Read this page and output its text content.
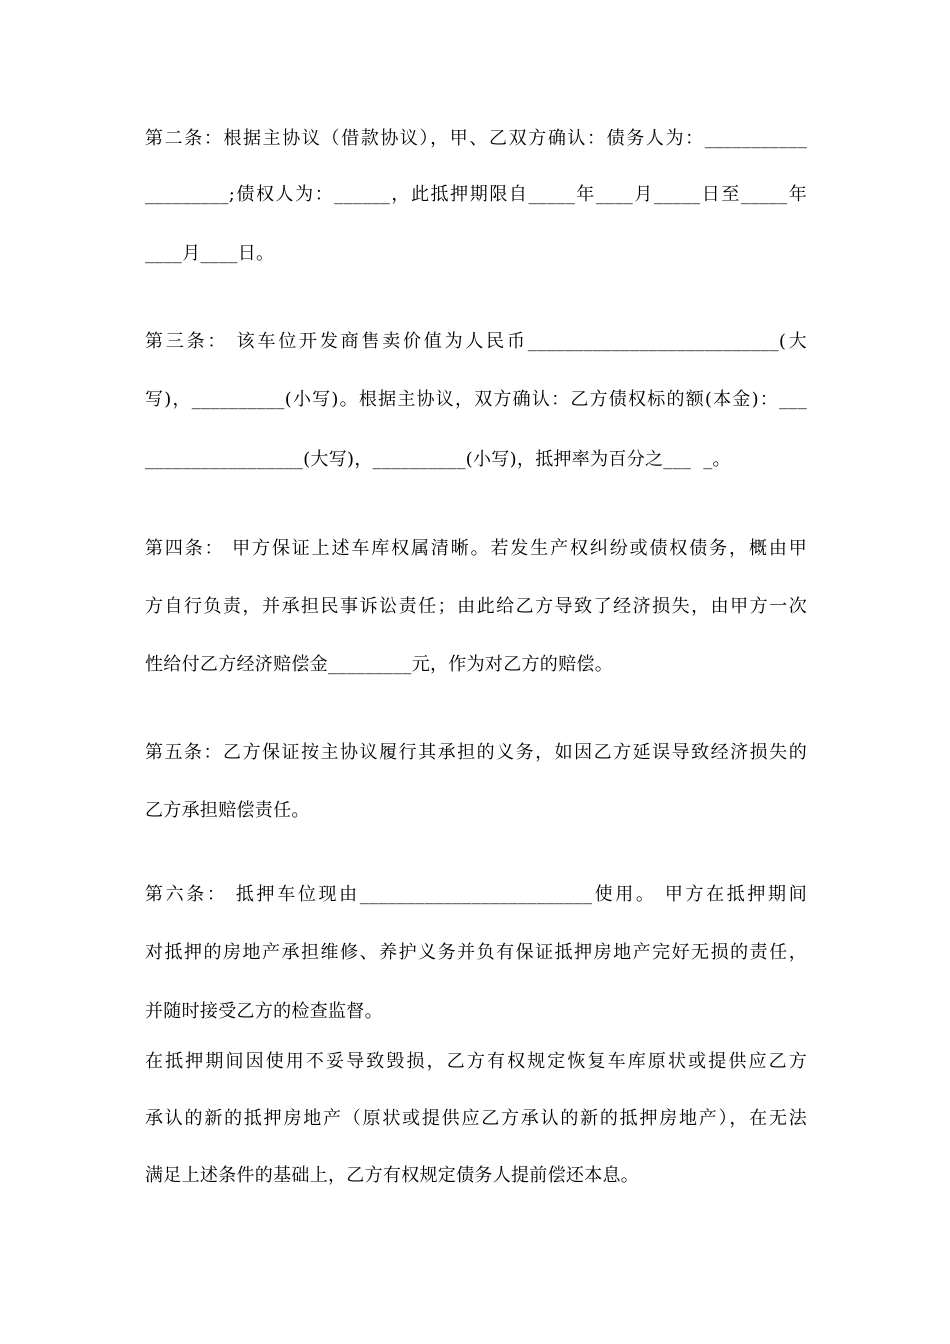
第二条：根据主协议（借款协议），甲、乙双方确认：债务人为：___________
_________;债权人为：______，此抵押期限自_____年____月_____日至_____年
____月____日。
第三条： 该车位开发商售卖价值为人民币___________________________(大
写)，__________(小写)。根据主协议，双方确认：乙方债权标的额(本金)：___
_________________(大写)，__________(小写)，抵押率为百分之___  _。
第四条： 甲方保证上述车库权属清晰。若发生产权纠纷或债权债务，概由甲
方自行负责，并承担民事诉讼责任；由此给乙方导致了经济损失，由甲方一次
性给付乙方经济赔偿金_________元，作为对乙方的赔偿。
第五条：乙方保证按主协议履行其承担的义务，如因乙方延误导致经济损失的
乙方承担赔偿责任。
第六条： 抵押车位现由_________________________使用。 甲方在抵押期间
对抵押的房地产承担维修、养护义务并负有保证抵押房地产完好无损的责任，
并随时接受乙方的检查监督。
在抵押期间因使用不妥导致毁损，乙方有权规定恢复车库原状或提供应乙方
承认的新的抵押房地产（原状或提供应乙方承认的新的抵押房地产），在无法
满足上述条件的基础上，乙方有权规定债务人提前偿还本息。
